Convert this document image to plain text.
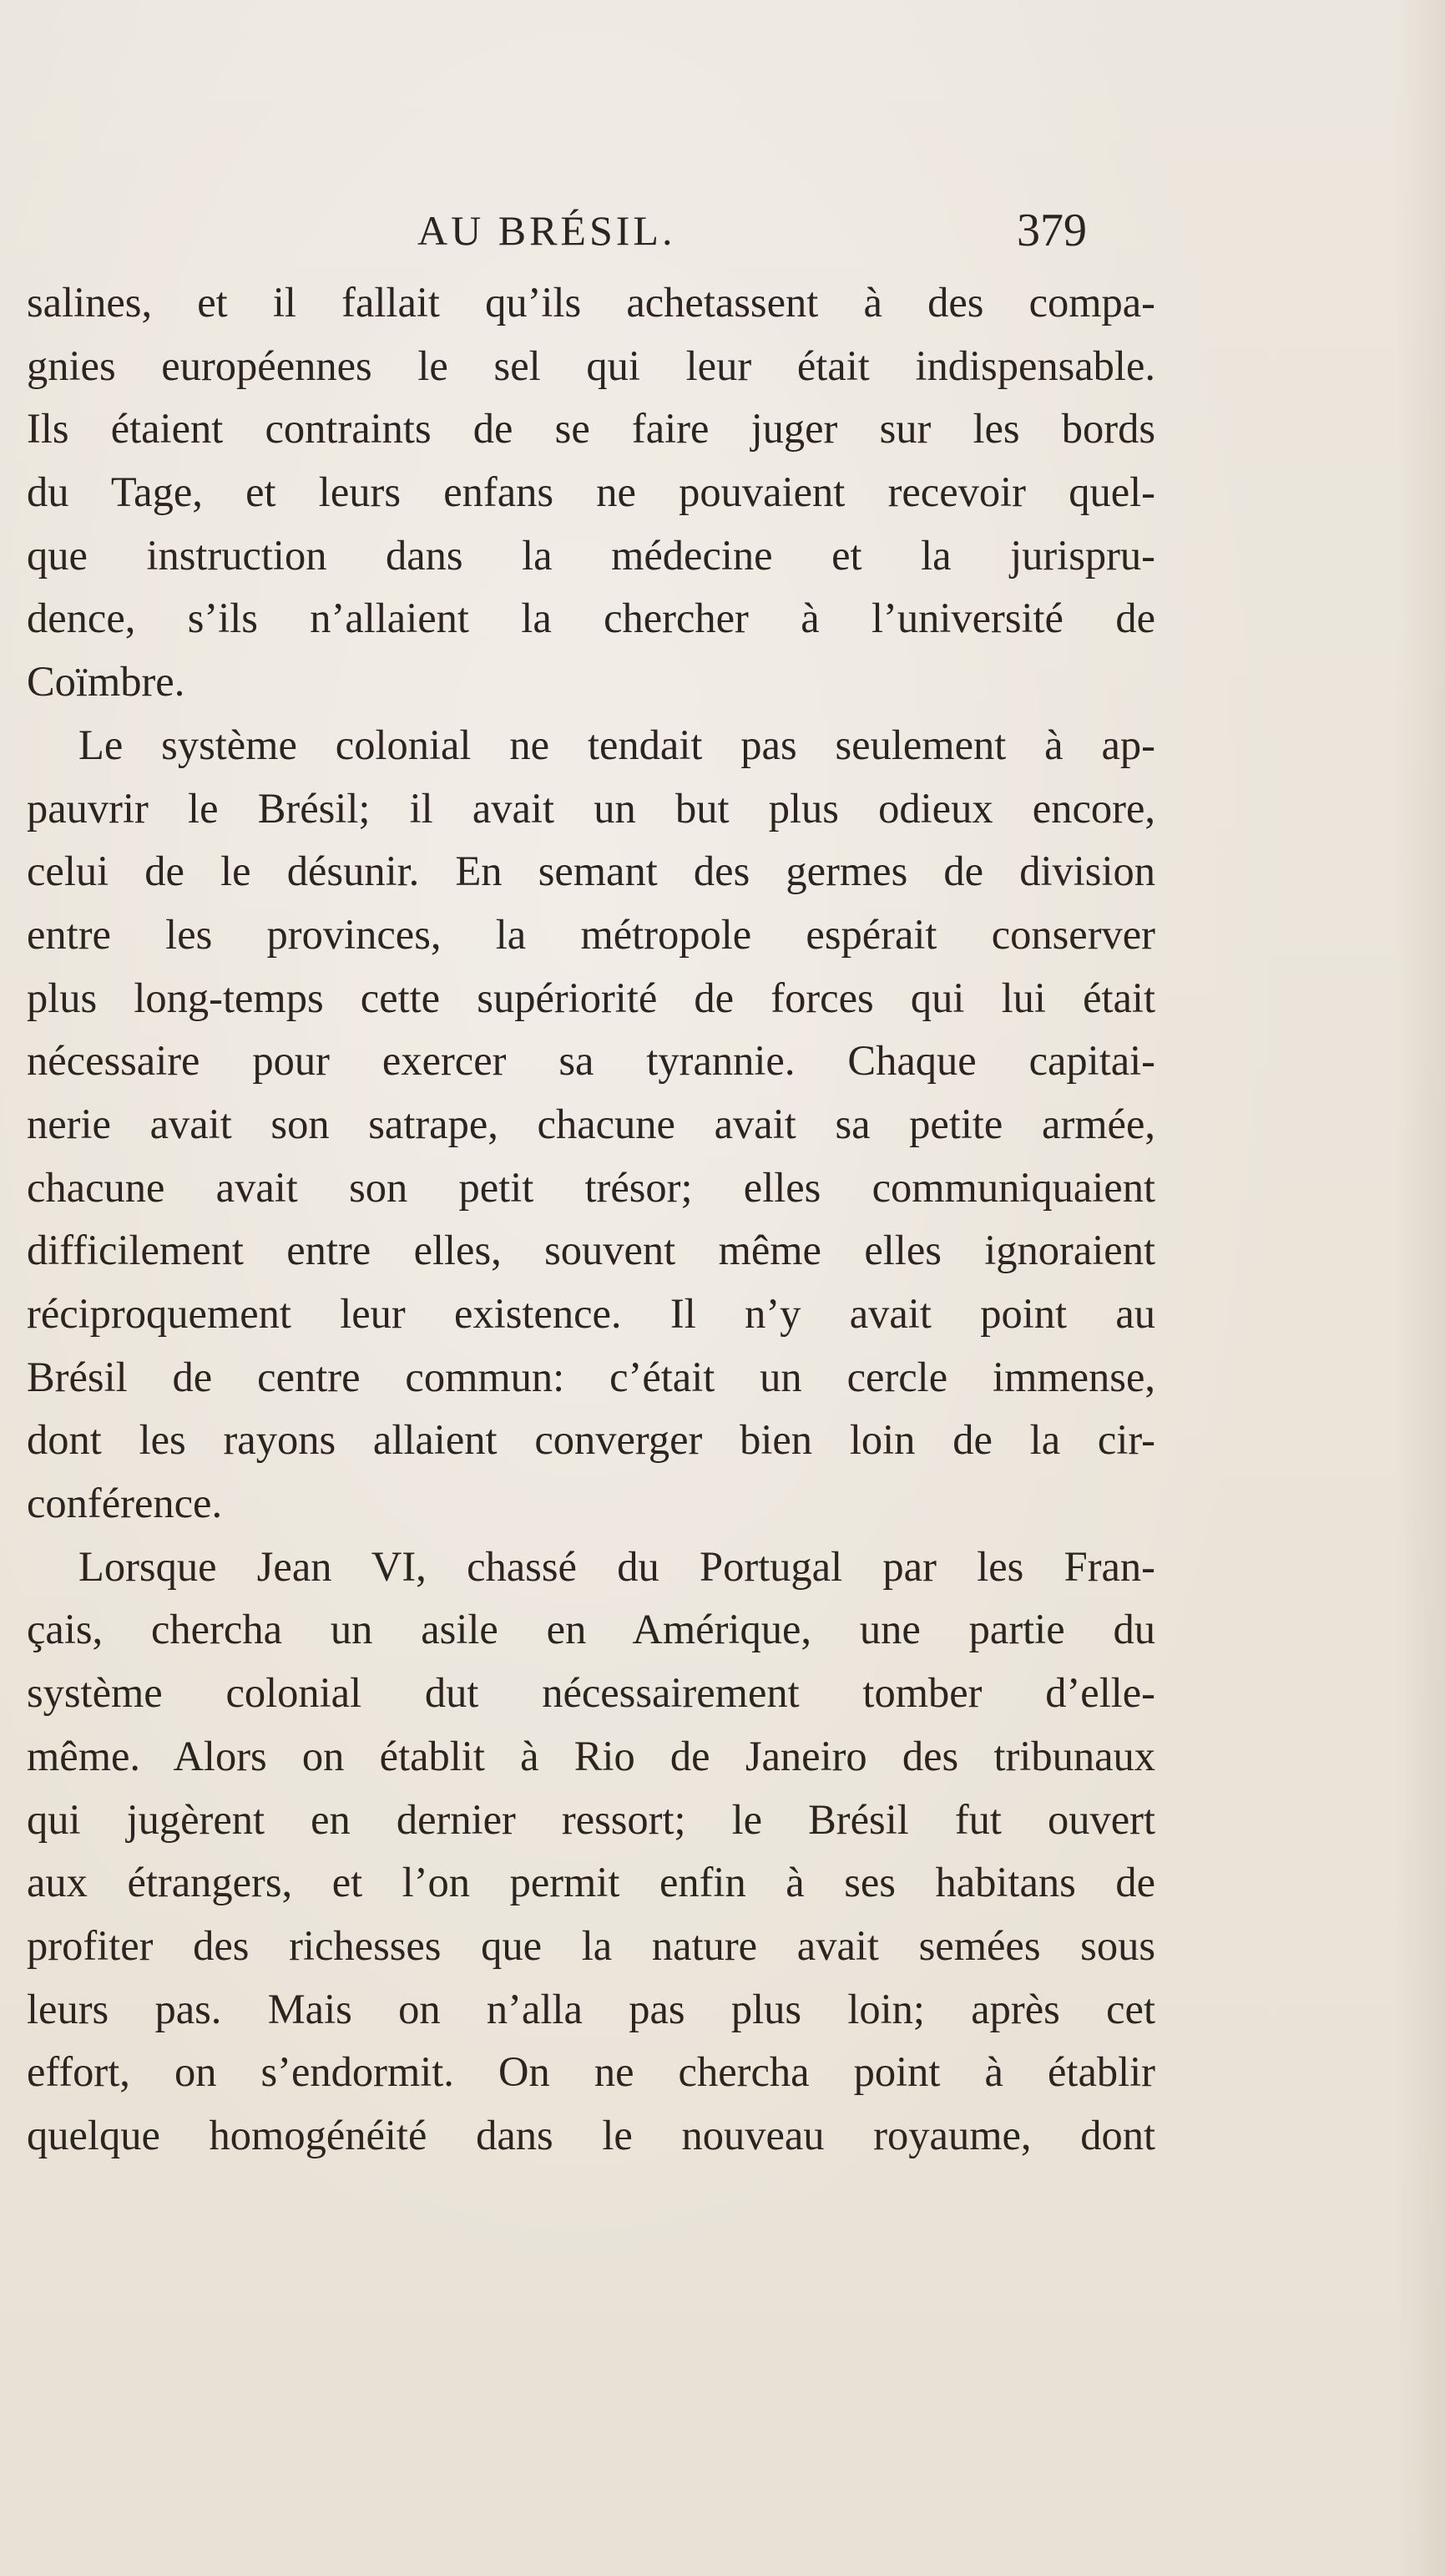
AU BRÉSIL.	379
salines, et il fallait qu’ils achetassent à des compa-
gnies européennes le sel qui leur était indispensable.
Ils étaient contraints de se faire juger sur les bords
du Tage, et leurs enfans ne pouvaient recevoir quel-
que instruction dans la médecine et la jurispru-
dence, s’ils n’allaient la chercher à l’université de
Coïmbre.
Le système colonial ne tendait pas seulement à ap-
pauvrir le Brésil; il avait un but plus odieux encore,
celui de le désunir. En semant des germes de division
entre les provinces, la métropole espérait conserver
plus long-temps cette supériorité de forces qui lui était
nécessaire pour exercer sa tyrannie. Chaque capitai-
nerie avait son satrape, chacune avait sa petite armée,
chacune avait son petit trésor; elles communiquaient
difficilement entre elles, souvent même elles ignoraient
réciproquement leur existence. Il n’y avait point au
Brésil de centre commun: c’était un cercle immense,
dont les rayons allaient converger bien loin de la cir-
conférence.
Lorsque Jean VI, chassé du Portugal par les Fran-
çais, chercha un asile en Amérique, une partie du
système colonial dut nécessairement tomber d’elle-
même. Alors on établit à Rio de Janeiro des tribunaux
qui jugèrent en dernier ressort; le Brésil fut ouvert
aux étrangers, et l’on permit enfin à ses habitans de
profiter des richesses que la nature avait semées sous
leurs pas. Mais on n’alla pas plus loin; après cet
effort, on s’endormit. On ne chercha point à établir
quelque homogénéité dans le nouveau royaume, dont
